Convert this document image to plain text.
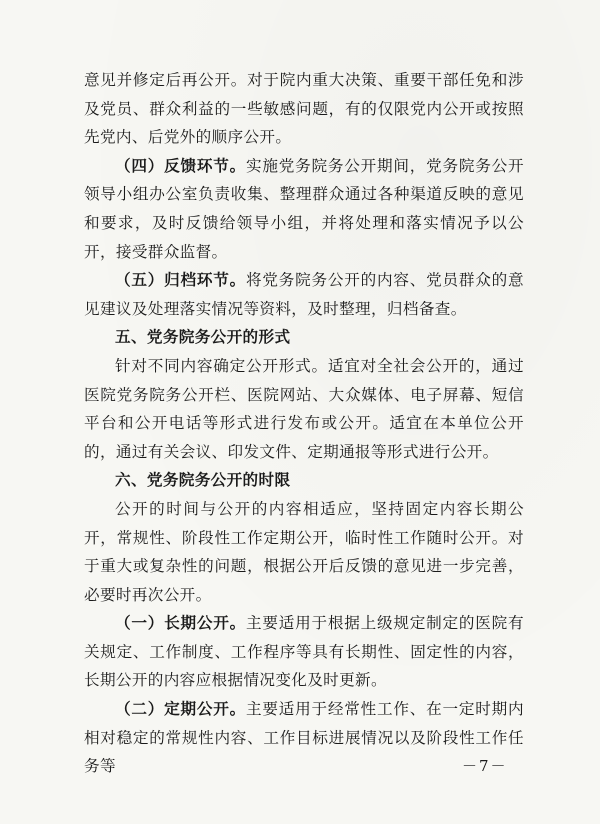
意见并修定后再公开。对于院内重大决策、重要干部任免和涉及党员、群众利益的一些敏感问题，有的仅限党内公开或按照先党内、后党外的顺序公开。

（四）反馈环节。实施党务院务公开期间，党务院务公开领导小组办公室负责收集、整理群众通过各种渠道反映的意见和要求，及时反馈给领导小组，并将处理和落实情况予以公开，接受群众监督。

（五）归档环节。将党务院务公开的内容、党员群众的意见建议及处理落实情况等资料，及时整理，归档备查。

五、党务院务公开的形式

针对不同内容确定公开形式。适宜对全社会公开的，通过医院党务院务公开栏、医院网站、大众媒体、电子屏幕、短信平台和公开电话等形式进行发布或公开。适宜在本单位公开的，通过有关会议、印发文件、定期通报等形式进行公开。

六、党务院务公开的时限

公开的时间与公开的内容相适应，坚持固定内容长期公开，常规性、阶段性工作定期公开，临时性工作随时公开。对于重大或复杂性的问题，根据公开后反馈的意见进一步完善，必要时再次公开。

（一）长期公开。主要适用于根据上级规定制定的医院有关规定、工作制度、工作程序等具有长期性、固定性的内容，长期公开的内容应根据情况变化及时更新。

（二）定期公开。主要适用于经常性工作、在一定时期内相对稳定的常规性内容、工作目标进展情况以及阶段性工作任务等	－7－
